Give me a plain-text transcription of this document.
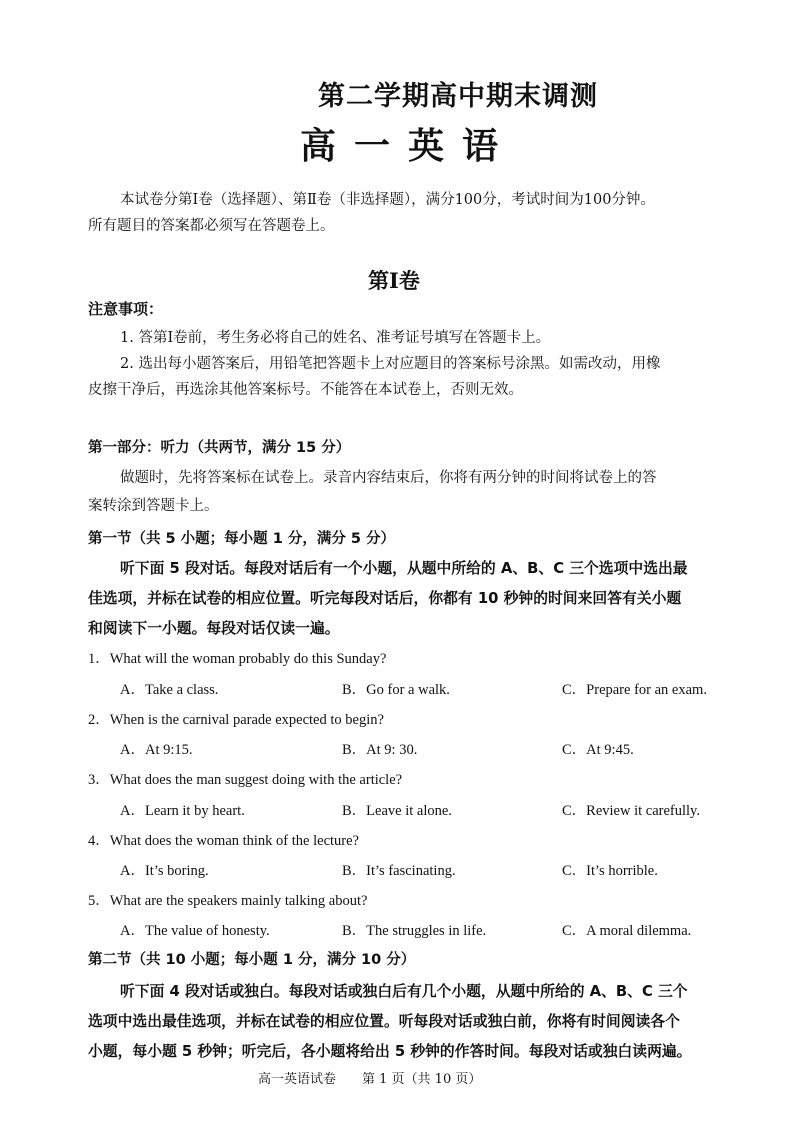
第二学期高中期末调测
高一英语
本试卷分第Ⅰ卷（选择题）、第Ⅱ卷（非选择题），满分100分，考试时间为100分钟。
所有题目的答案都必须写在答题卷上。
第Ⅰ卷
注意事项：
1. 答第Ⅰ卷前，考生务必将自己的姓名、准考证号填写在答题卡上。
2. 选出每小题答案后，用铅笔把答题卡上对应题目的答案标号涂黑。如需改动，用橡
皮擦干净后，再选涂其他答案标号。不能答在本试卷上，否则无效。
第一部分：听力（共两节，满分 15 分）
做题时，先将答案标在试卷上。录音内容结束后，你将有两分钟的时间将试卷上的答
案转涂到答题卡上。
第一节（共 5 小题；每小题 1 分，满分 5 分）
听下面 5 段对话。每段对话后有一个小题，从题中所给的 A、B、C 三个选项中选出最
佳选项，并标在试卷的相应位置。听完每段对话后，你都有 10 秒钟的时间来回答有关小题
和阅读下一小题。每段对话仅读一遍。
1．What will the woman probably do this Sunday?
A．Take a class.	B．Go for a walk.	C．Prepare for an exam.
2．When is the carnival parade expected to begin?
A．At 9:15.	B．At 9: 30.	C．At 9:45.
3．What does the man suggest doing with the article?
A．Learn it by heart.	B．Leave it alone.	C．Review it carefully.
4．What does the woman think of the lecture?
A．It’s boring.	B．It’s fascinating.	C．It’s horrible.
5．What are the speakers mainly talking about?
A．The value of honesty.	B．The struggles in life.	C．A moral dilemma.
第二节（共 10 小题；每小题 1 分，满分 10 分）
听下面 4 段对话或独白。每段对话或独白后有几个小题，从题中所给的 A、B、C 三个
选项中选出最佳选项，并标在试卷的相应位置。听每段对话或独白前，你将有时间阅读各个
小题，每小题 5 秒钟；听完后，各小题将给出 5 秒钟的作答时间。每段对话或独白读两遍。
高一英语试卷 第 1 页（共 10 页）
